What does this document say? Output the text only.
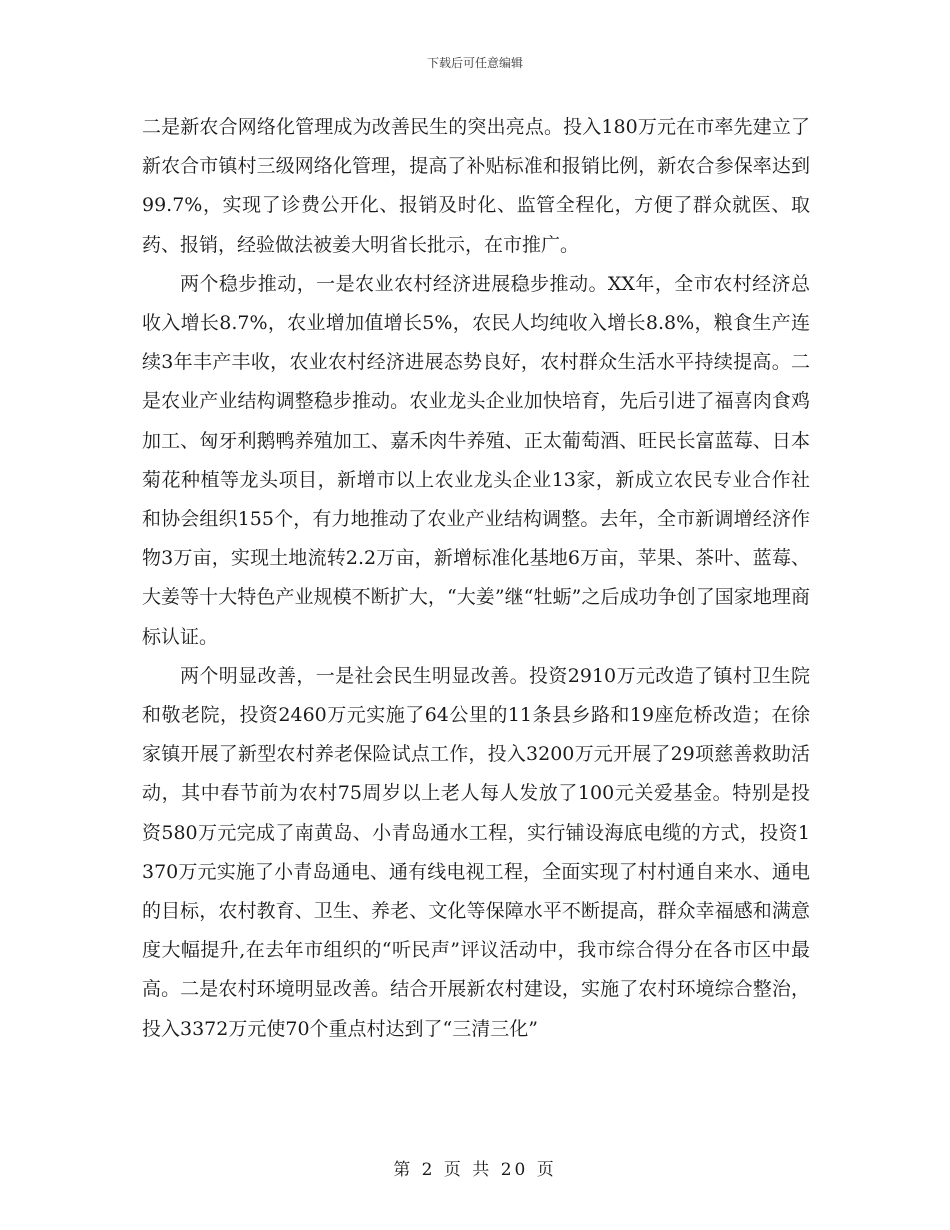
下载后可任意编辑

二是新农合网络化管理成为改善民生的突出亮点。投入180万元在市率先建立了新农合市镇村三级网络化管理，提高了补贴标准和报销比例，新农合参保率达到99.7%，实现了诊费公开化、报销及时化、监管全程化，方便了群众就医、取药、报销，经验做法被姜大明省长批示，在市推广。

两个稳步推动，一是农业农村经济进展稳步推动。XX年，全市农村经济总收入增长8.7%，农业增加值增长5%，农民人均纯收入增长8.8%，粮食生产连续3年丰产丰收，农业农村经济进展态势良好，农村群众生活水平持续提高。二是农业产业结构调整稳步推动。农业龙头企业加快培育，先后引进了福喜肉食鸡加工、匈牙利鹅鸭养殖加工、嘉禾肉牛养殖、正太葡萄酒、旺民长富蓝莓、日本菊花种植等龙头项目，新增市以上农业龙头企业13家，新成立农民专业合作社和协会组织155个，有力地推动了农业产业结构调整。去年，全市新调增经济作物3万亩，实现土地流转2.2万亩，新增标准化基地6万亩，苹果、茶叶、蓝莓、大姜等十大特色产业规模不断扩大，“大姜”继“牡蛎”之后成功争创了国家地理商标认证。

两个明显改善，一是社会民生明显改善。投资2910万元改造了镇村卫生院和敬老院，投资2460万元实施了64公里的11条县乡路和19座危桥改造；在徐家镇开展了新型农村养老保险试点工作，投入3200万元开展了29项慈善救助活动，其中春节前为农村75周岁以上老人每人发放了100元关爱基金。特别是投资580万元完成了南黄岛、小青岛通水工程，实行铺设海底电缆的方式，投资1370万元实施了小青岛通电、通有线电视工程，全面实现了村村通自来水、通电的目标，农村教育、卫生、养老、文化等保障水平不断提高，群众幸福感和满意度大幅提升,在去年市组织的“听民声”评议活动中，我市综合得分在各市区中最高。二是农村环境明显改善。结合开展新农村建设，实施了农村环境综合整治，投入3372万元使70个重点村达到了“三清三化”

第 2 页 共 20 页
